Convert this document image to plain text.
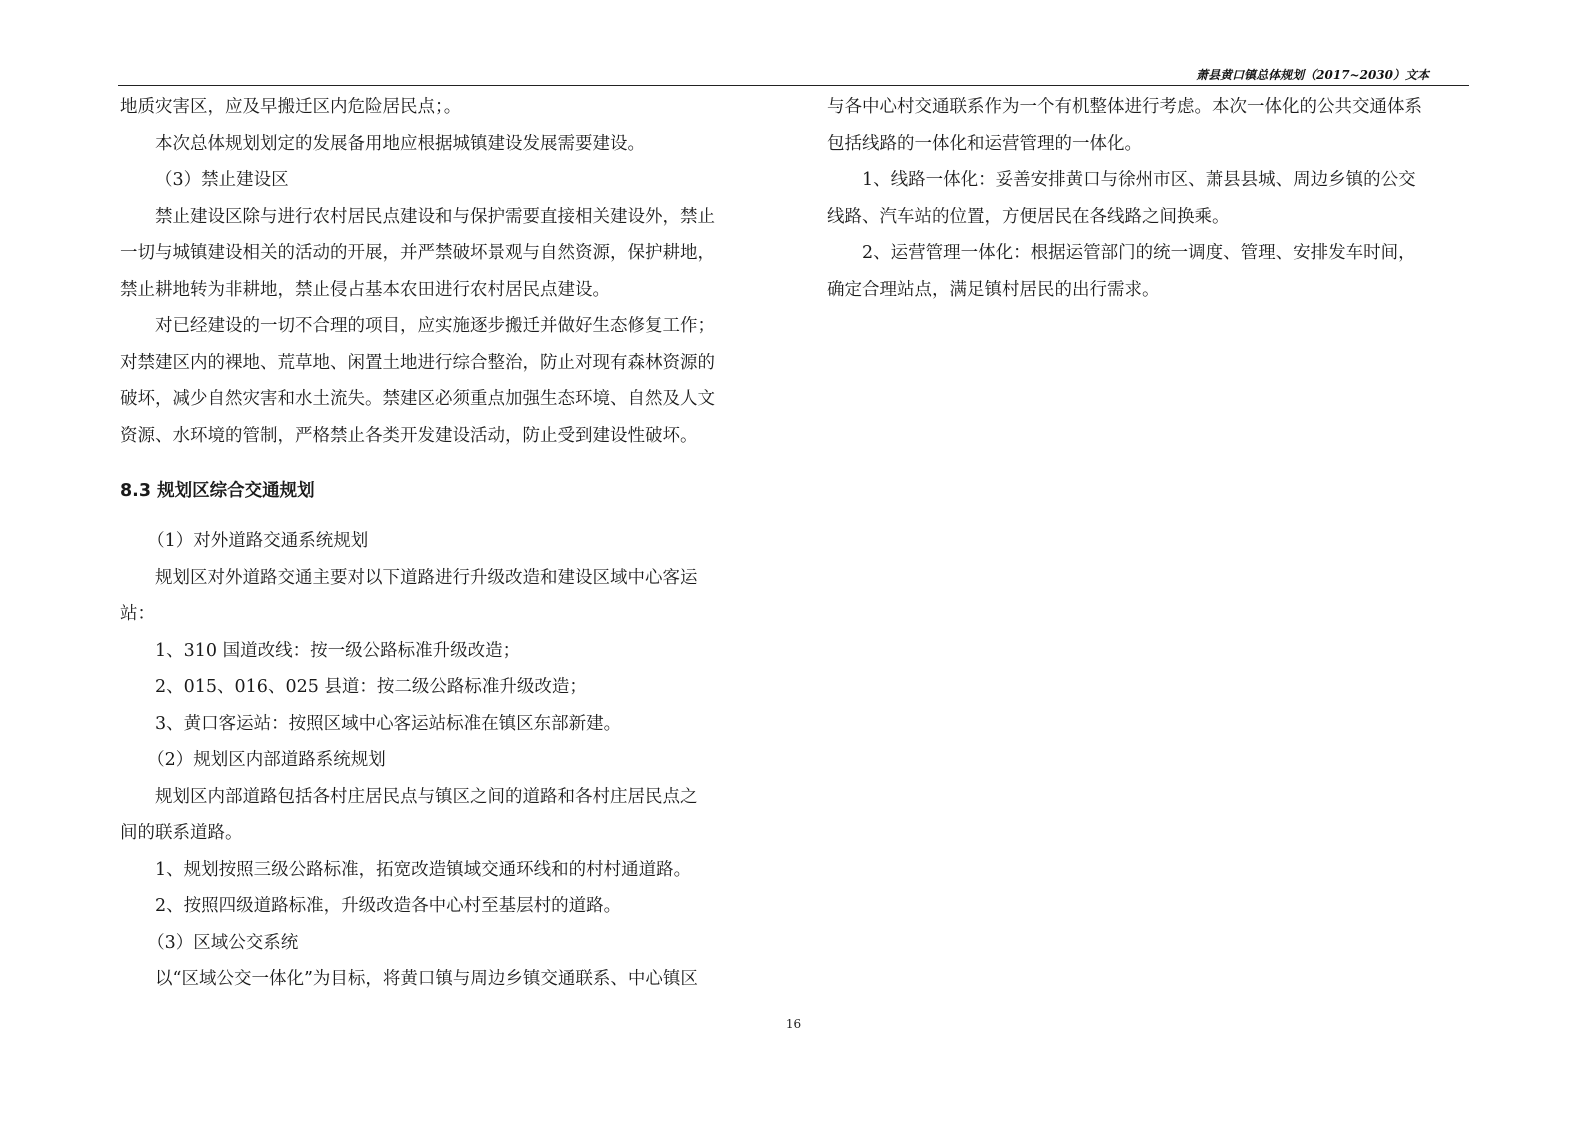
萧县黄口镇总体规划（2017~2030）文本

地质灾害区，应及早搬迁区内危险居民点；。

本次总体规划划定的发展备用地应根据城镇建设发展需要建设。

（3）禁止建设区

禁止建设区除与进行农村居民点建设和与保护需要直接相关建设外，禁止

一切与城镇建设相关的活动的开展，并严禁破坏景观与自然资源，保护耕地，

禁止耕地转为非耕地，禁止侵占基本农田进行农村居民点建设。

对已经建设的一切不合理的项目，应实施逐步搬迁并做好生态修复工作；

对禁建区内的裸地、荒草地、闲置土地进行综合整治，防止对现有森林资源的

破坏，减少自然灾害和水土流失。禁建区必须重点加强生态环境、自然及人文

资源、水环境的管制，严格禁止各类开发建设活动，防止受到建设性破坏。

8.3 规划区综合交通规划

（1）对外道路交通系统规划

规划区对外道路交通主要对以下道路进行升级改造和建设区域中心客运

站：

1、310 国道改线：按一级公路标准升级改造；

2、015、016、025 县道：按二级公路标准升级改造；

3、黄口客运站：按照区域中心客运站标准在镇区东部新建。

（2）规划区内部道路系统规划

规划区内部道路包括各村庄居民点与镇区之间的道路和各村庄居民点之

间的联系道路。

1、规划按照三级公路标准，拓宽改造镇域交通环线和的村村通道路。

2、按照四级道路标准，升级改造各中心村至基层村的道路。

（3）区域公交系统

以“区域公交一体化”为目标，将黄口镇与周边乡镇交通联系、中心镇区

与各中心村交通联系作为一个有机整体进行考虑。本次一体化的公共交通体系

包括线路的一体化和运营管理的一体化。

1、线路一体化：妥善安排黄口与徐州市区、萧县县城、周边乡镇的公交

线路、汽车站的位置，方便居民在各线路之间换乘。

2、运营管理一体化：根据运管部门的统一调度、管理、安排发车时间，

确定合理站点，满足镇村居民的出行需求。

16
